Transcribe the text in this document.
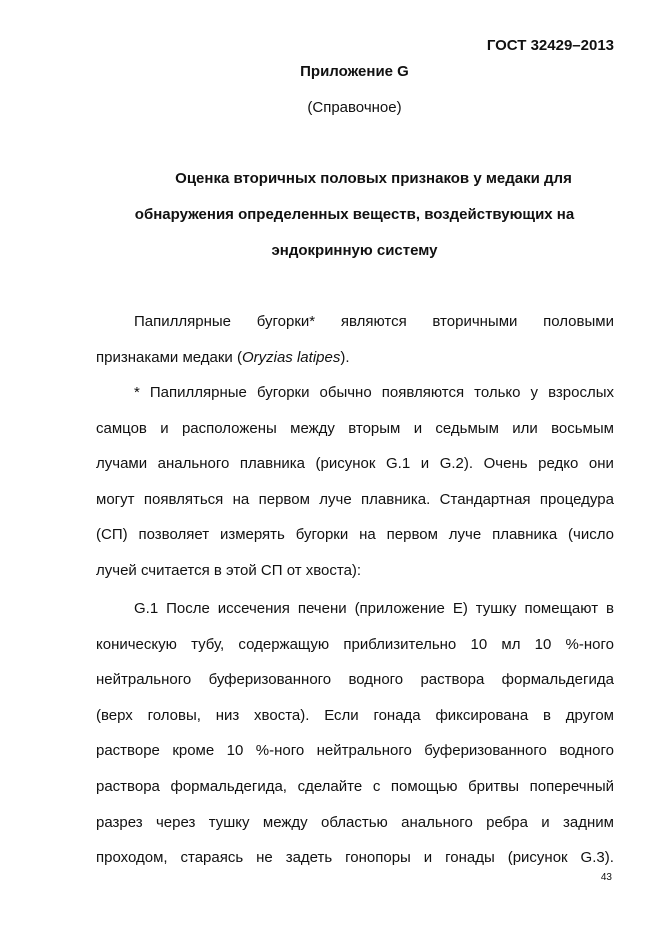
ГОСТ 32429–2013
Приложение G
(Справочное)
Оценка вторичных половых признаков у медаки для
обнаружения определенных веществ, воздействующих на
эндокринную систему
Папиллярные бугорки* являются вторичными половыми
признаками медаки ( Oryzias latipes ).
* Папиллярные бугорки обычно появляются только у взрослых
самцов и расположены между вторым и седьмым или восьмым
лучами анального плавника (рисунок G.1 и G.2). Очень редко они
могут появляться на первом луче плавника. Стандартная процедура
(СП) позволяет измерять бугорки на первом луче плавника (число
лучей считается в этой СП от хвоста):
G.1 После иссечения печени (приложение E) тушку помещают в
коническую тубу, содержащую приблизительно 10 мл 10 %-ного
нейтрального буферизованного водного раствора формальдегида
(верх головы, низ хвоста). Если гонада фиксирована в другом
растворе кроме 10 %-ного нейтрального буферизованного водного
раствора формальдегида, сделайте с помощью бритвы поперечный
разрез через тушку между областью анального ребра и задним
проходом, стараясь не задеть гонопоры и гонады (рисунок G.3).
43
